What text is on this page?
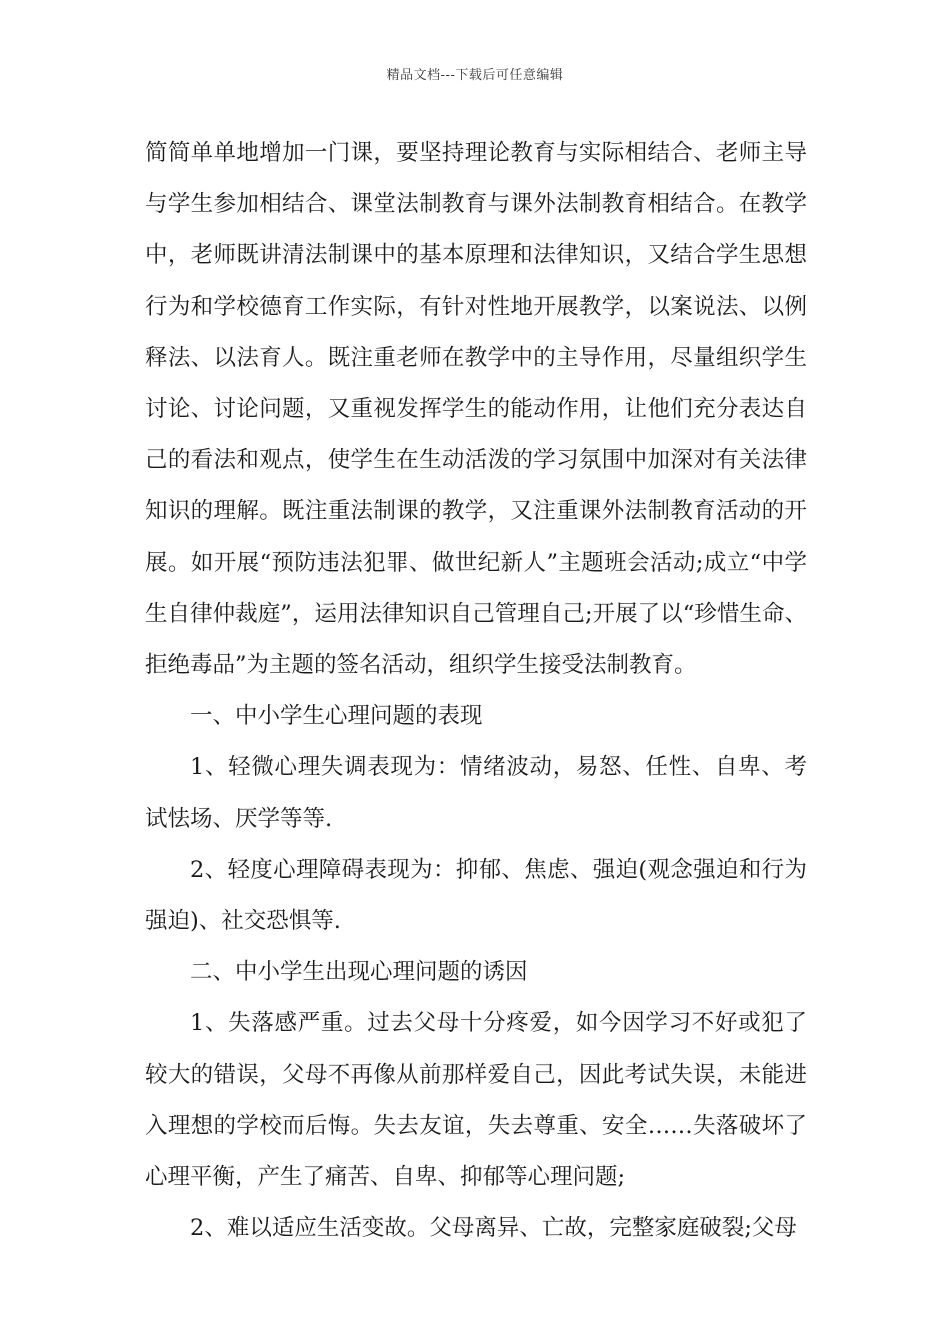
精品文档---下载后可任意编辑

简简单单地增加一门课，要坚持理论教育与实际相结合、老师主导与学生参加相结合、课堂法制教育与课外法制教育相结合。在教学中，老师既讲清法制课中的基本原理和法律知识，又结合学生思想行为和学校德育工作实际，有针对性地开展教学，以案说法、以例释法、以法育人。既注重老师在教学中的主导作用，尽量组织学生讨论、讨论问题，又重视发挥学生的能动作用，让他们充分表达自己的看法和观点，使学生在生动活泼的学习氛围中加深对有关法律知识的理解。既注重法制课的教学，又注重课外法制教育活动的开展。如开展“预防违法犯罪、做世纪新人”主题班会活动;成立“中学生自律仲裁庭”，运用法律知识自己管理自己;开展了以“珍惜生命、拒绝毒品”为主题的签名活动，组织学生接受法制教育。

一、中小学生心理问题的表现

1、轻微心理失调表现为：情绪波动，易怒、任性、自卑、考试怯场、厌学等等.

2、轻度心理障碍表现为：抑郁、焦虑、强迫(观念强迫和行为强迫)、社交恐惧等.

二、中小学生出现心理问题的诱因

1、失落感严重。过去父母十分疼爱，如今因学习不好或犯了较大的错误，父母不再像从前那样爱自己，因此考试失误，未能进入理想的学校而后悔。失去友谊，失去尊重、安全……失落破坏了心理平衡，产生了痛苦、自卑、抑郁等心理问题;

2、难以适应生活变故。父母离异、亡故，完整家庭破裂;父母
